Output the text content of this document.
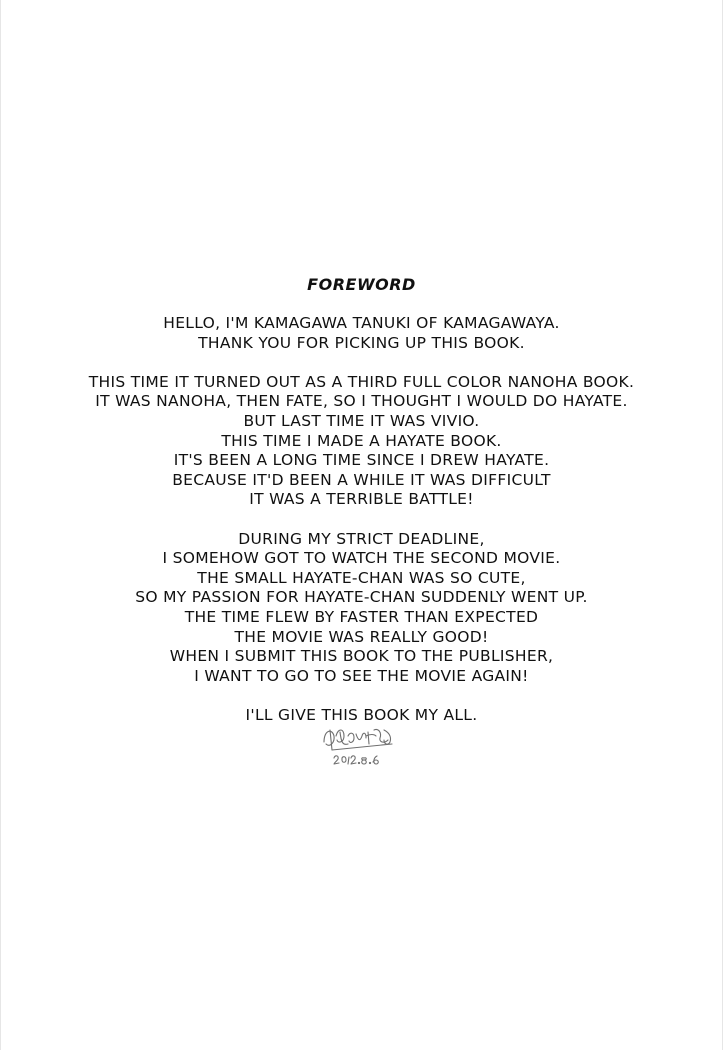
FOREWORD
HELLO, I'M KAMAGAWA TANUKI OF KAMAGAWAYA.
THANK YOU FOR PICKING UP THIS BOOK.
THIS TIME IT TURNED OUT AS A THIRD FULL COLOR NANOHA BOOK.
IT WAS NANOHA, THEN FATE, SO I THOUGHT I WOULD DO HAYATE.
BUT LAST TIME IT WAS VIVIO.
THIS TIME I MADE A HAYATE BOOK.
IT'S BEEN A LONG TIME SINCE I DREW HAYATE.
BECAUSE IT'D BEEN A WHILE IT WAS DIFFICULT
IT WAS A TERRIBLE BATTLE!
DURING MY STRICT DEADLINE,
I SOMEHOW GOT TO WATCH THE SECOND MOVIE.
THE SMALL HAYATE-CHAN WAS SO CUTE,
SO MY PASSION FOR HAYATE-CHAN SUDDENLY WENT UP.
THE TIME FLEW BY FASTER THAN EXPECTED
THE MOVIE WAS REALLY GOOD!
WHEN I SUBMIT THIS BOOK TO THE PUBLISHER,
I WANT TO GO TO SEE THE MOVIE AGAIN!
I'LL GIVE THIS BOOK MY ALL.
